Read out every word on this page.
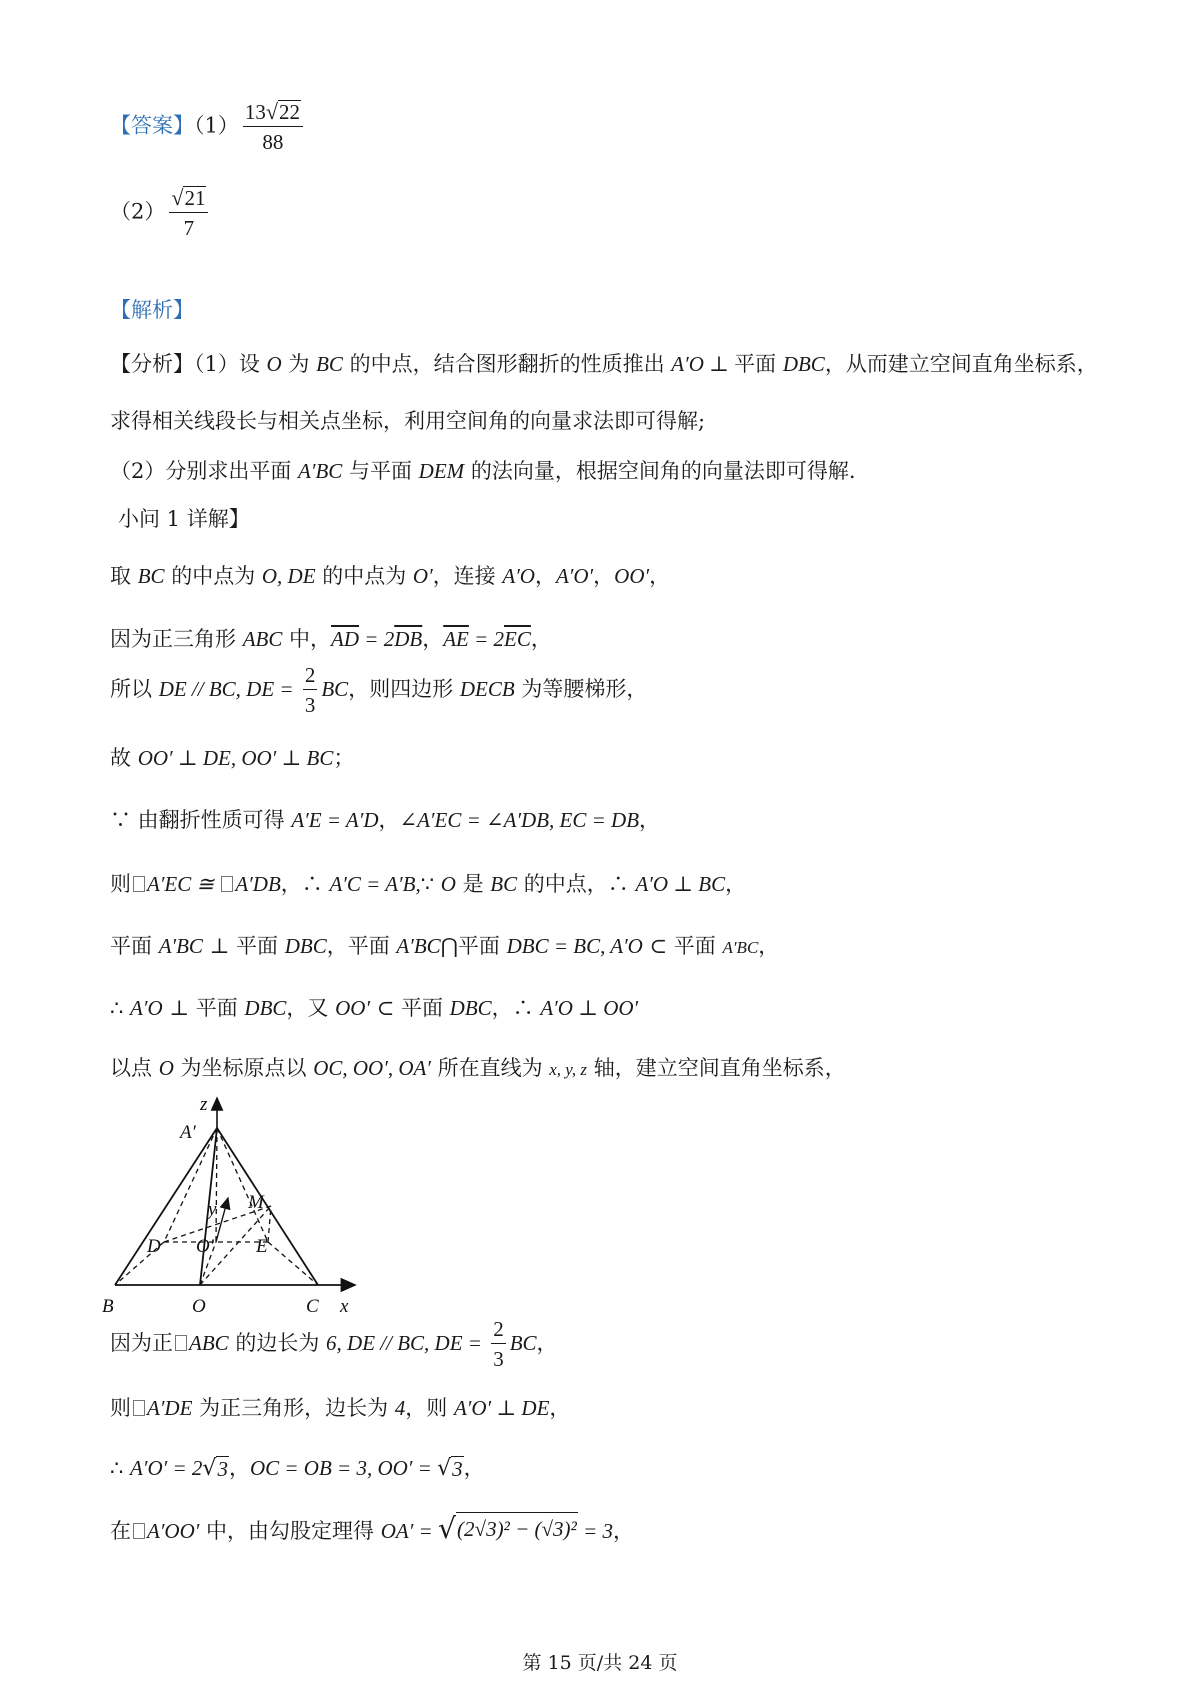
【答案】$(1) \frac{13 √ 22}{88}$
$(2) \frac{√ 21}{7}$
【解析】
【分析】（1）设 O 为 BC 的中点，结合图形翻折的性质推出 A′O ⊥ 平面 DBC，从而建立空间直角坐标系，
求得相关线段长与相关点坐标，利用空间角的向量求法即可得解;
（2）分别求出平面 A′BC 与平面 DEM 的法向量，根据空间角的向量法即可得解.
小问 1 详解】
取 BC 的中点为 O, DE 的中点为 O′，连接 A′O，A′O′，OO′，
因为正三角形 ABC 中，$\overline{AD} = 2\overline{DB}$，$\overline{AE} = 2\overline{EC}$，
所以 DE // BC, DE = $\frac{2}{3}$ BC，则四边形 DECB 为等腰梯形，
故 OO′ ⊥ DE, OO′ ⊥ BC；
∵ 由翻折性质可得 A′E = A′D，∠A′EC = ∠A′DB, EC = DB，
则 A′EC ≅ A′DB，∴ A′C = A′B,∵ O 是 BC 的中点，∴ A′O ⊥ BC，
平面 A′BC ⊥ 平面 DBC，平面 A′BC⋂平面 DBC = BC, A′O ⊂ 平面 A′BC，
∴ A′O ⊥ 平面 DBC，又 OO′ ⊂ 平面 DBC，∴ A′O ⊥ OO′
以点 O 为坐标原点以 OC, OO′, OA′ 所在直线为 x, y, z 轴，建立空间直角坐标系，
z
A′
M
y
D O′ E
B	O	C x
因为正 ABC 的边长为 6, DE // BC, DE = $\frac{2}{3}$ BC，
则 A′DE 为正三角形，边长为 4，则 A′O′ ⊥ DE，
∴ A′O′ = 2 √ 3 ，OC = OB = 3, OO′ = √ 3 ，
在 A′OO′ 中，由勾股定理得 OA′ = √ (2√3)² − (√3)² = 3，
第 15 页/共 24 页
